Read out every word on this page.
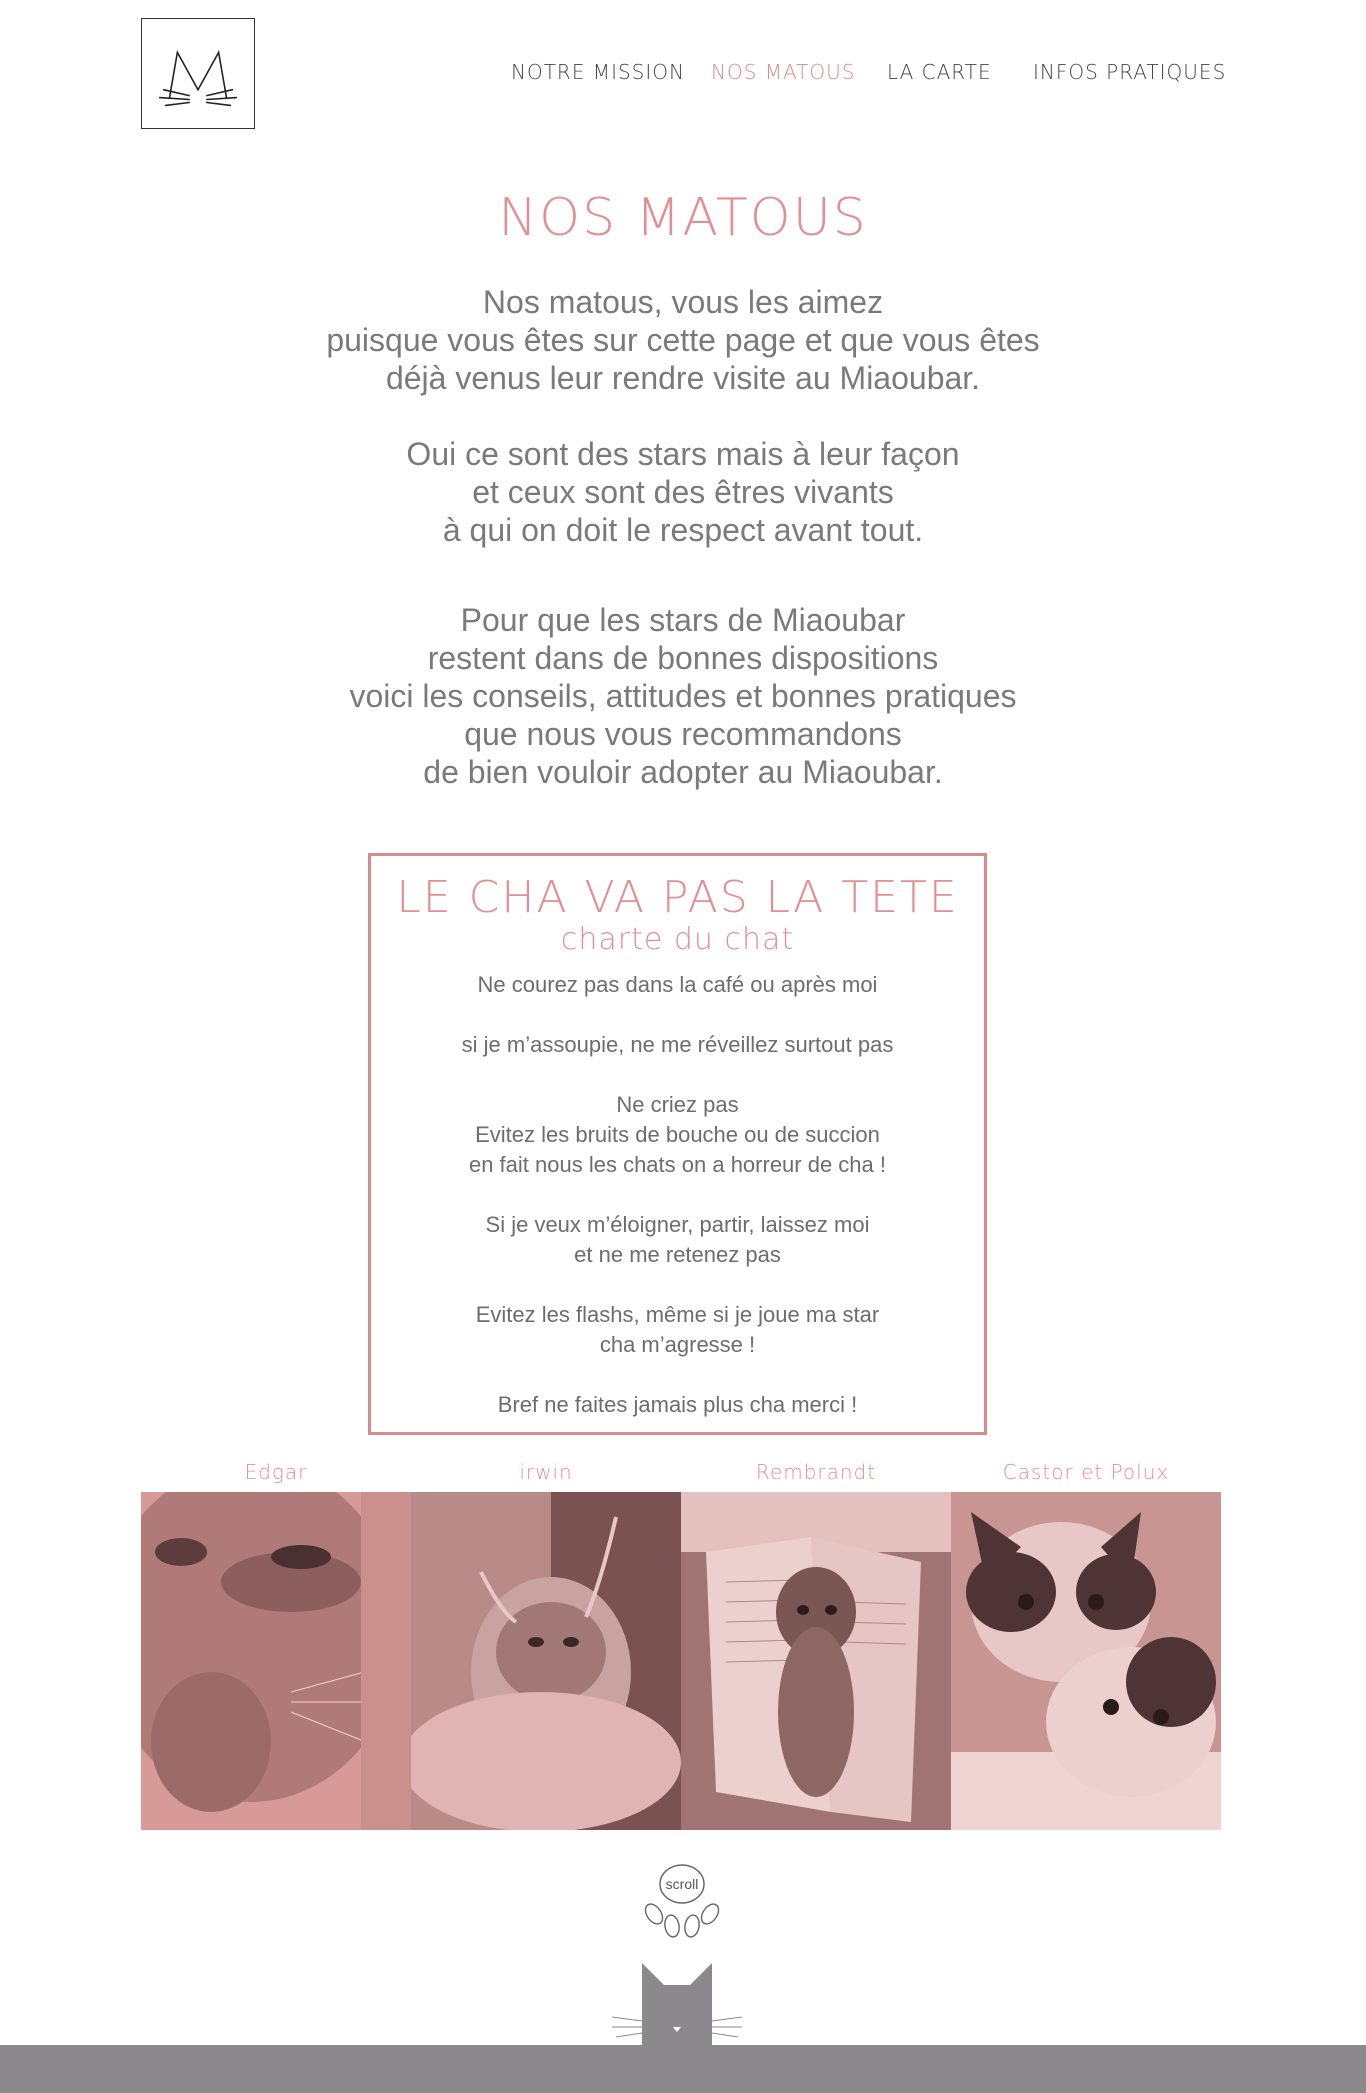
NOTRE MISSION NOS MATOUS LA CARTE INFOS PRATIQUES
NOS MATOUS

Nos matous, vous les aimez

puisque vous êtes sur cette page et que vous êtes

déjà venus leur rendre visite au Miaoubar.

Oui ce sont des stars mais à leur façon

et ceux sont des êtres vivants

à qui on doit le respect avant tout.

Pour que les stars de Miaoubar

restent dans de bonnes dispositions

voici les conseils, attitudes et bonnes pratiques

que nous vous recommandons

de bien vouloir adopter au Miaoubar.

LE CHA VA PAS LA TETE
charte du chat
Ne courez pas dans la café ou après moi
si je m’assoupie, ne me réveillez surtout pas
Ne criez pas
Evitez les bruits de bouche ou de succion
en fait nous les chats on a horreur de cha !
Si je veux m’éloigner, partir, laissez moi
et ne me retenez pas
Evitez les flashs, même si je joue ma star
cha m’agresse !
Bref ne faites jamais plus cha merci !
Edgar	irwin	Rembrandt	Castor et Polux
scroll
